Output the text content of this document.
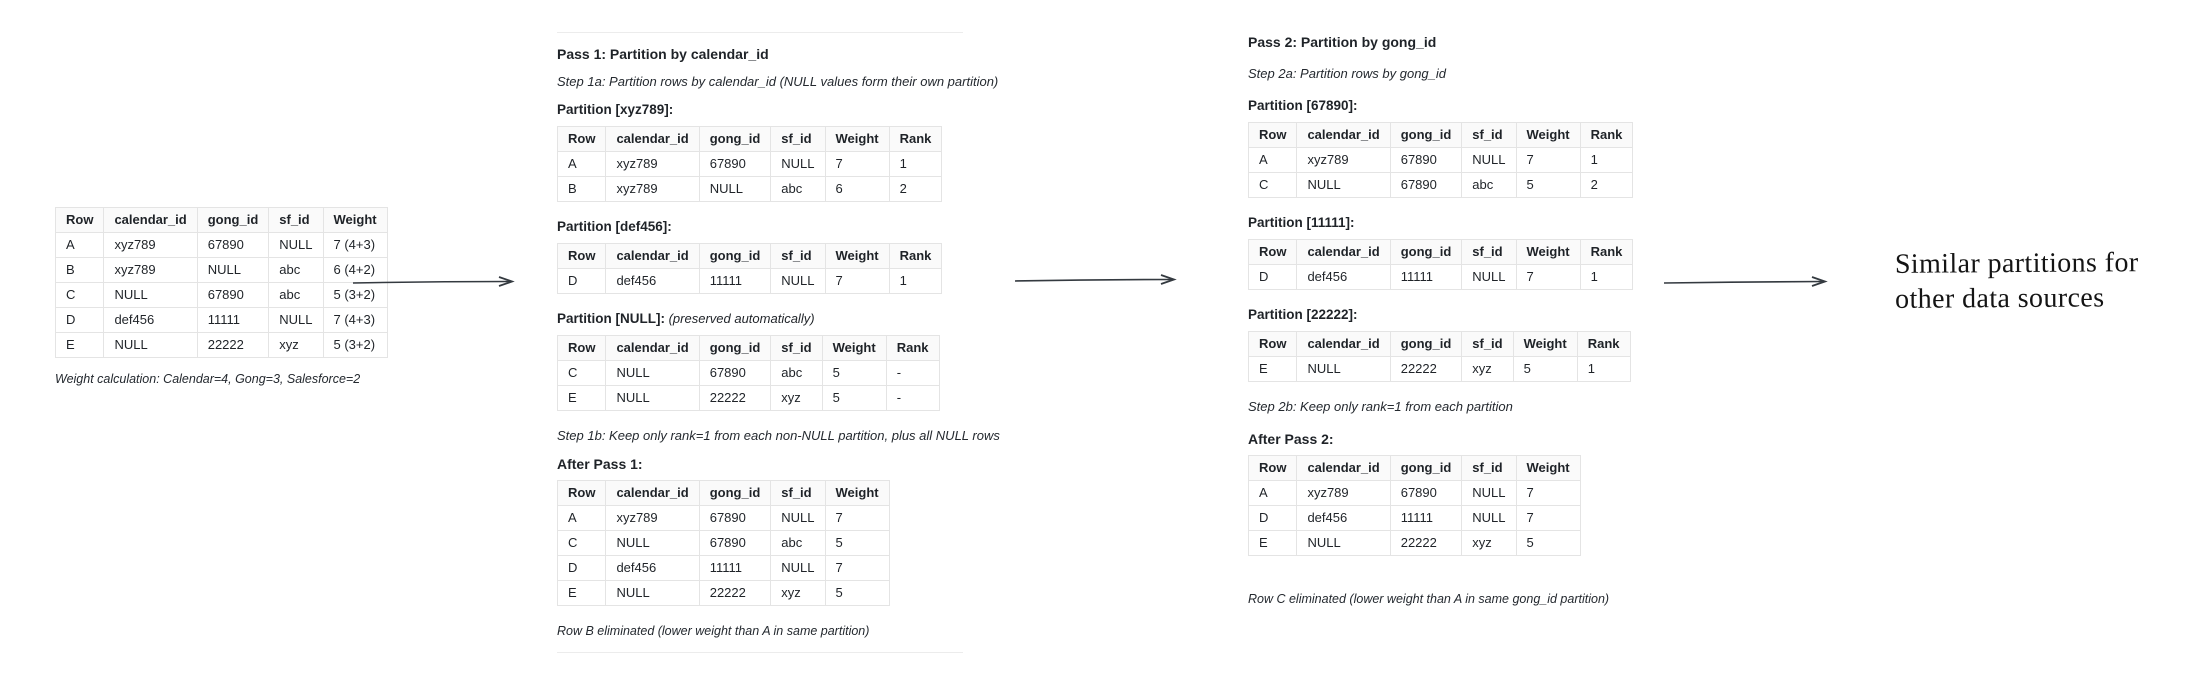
Row	calendar_id	gong_id	sf_id	Weight
A	xyz789	67890	NULL	7 (4+3)
B	xyz789	NULL	abc	6 (4+2)
C	NULL	67890	abc	5 (3+2)
D	def456	11111	NULL	7 (4+3)
E	NULL	22222	xyz	5 (3+2)

Weight calculation: Calendar=4, Gong=3, Salesforce=2

Pass 1: Partition by calendar_id

Step 1a: Partition rows by calendar_id (NULL values form their own partition)

Partition [xyz789]:

Row	calendar_id	gong_id	sf_id	Weight	Rank
A	xyz789	67890	NULL	7	1
B	xyz789	NULL	abc	6	2

Partition [def456]:

Row	calendar_id	gong_id	sf_id	Weight	Rank
D	def456	11111	NULL	7	1

Partition [NULL]: (preserved automatically)

Row	calendar_id	gong_id	sf_id	Weight	Rank
C	NULL	67890	abc	5	-
E	NULL	22222	xyz	5	-

Step 1b: Keep only rank=1 from each non-NULL partition, plus all NULL rows

After Pass 1:

Row	calendar_id	gong_id	sf_id	Weight
A	xyz789	67890	NULL	7
C	NULL	67890	abc	5
D	def456	11111	NULL	7
E	NULL	22222	xyz	5

Row B eliminated (lower weight than A in same partition)

Pass 2: Partition by gong_id

Step 2a: Partition rows by gong_id

Partition [67890]:

Row	calendar_id	gong_id	sf_id	Weight	Rank
A	xyz789	67890	NULL	7	1
C	NULL	67890	abc	5	2

Partition [11111]:

Row	calendar_id	gong_id	sf_id	Weight	Rank
D	def456	11111	NULL	7	1

Partition [22222]:

Row	calendar_id	gong_id	sf_id	Weight	Rank
E	NULL	22222	xyz	5	1

Step 2b: Keep only rank=1 from each partition

After Pass 2:

Row	calendar_id	gong_id	sf_id	Weight
A	xyz789	67890	NULL	7
D	def456	11111	NULL	7
E	NULL	22222	xyz	5

Row C eliminated (lower weight than A in same gong_id partition)

Similar partitions for
other data sources
